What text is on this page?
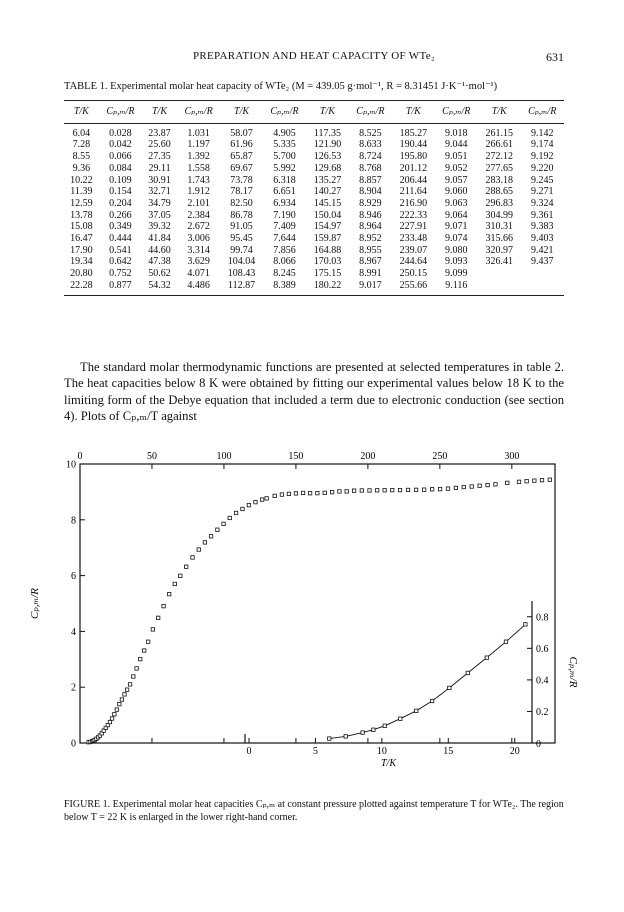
PREPARATION AND HEAT CAPACITY OF WTe₂	631
TABLE 1. Experimental molar heat capacity of WTe₂ (M = 439.05 g·mol⁻¹, R = 8.31451 J·K⁻¹·mol⁻¹)
T/K	Cₚ,ₘ/R	T/K	Cₚ,ₘ/R	T/K	Cₚ,ₘ/R	T/K	Cₚ,ₘ/R	T/K	Cₚ,ₘ/R	T/K	Cₚ,ₘ/R
6.04	0.028	23.87	1.031	58.07	4.905	117.35	8.525	185.27	9.018	261.15	9.142
7.28	0.042	25.60	1.197	61.96	5.335	121.90	8.633	190.44	9.044	266.61	9.174
8.55	0.066	27.35	1.392	65.87	5.700	126.53	8.724	195.80	9.051	272.12	9.192
9.36	0.084	29.11	1.558	69.67	5.992	129.68	8.768	201.12	9.052	277.65	9.220
10.22	0.109	30.91	1.743	73.78	6.318	135.27	8.857	206.44	9.057	283.18	9.245
11.39	0.154	32.71	1.912	78.17	6.651	140.27	8.904	211.64	9.060	288.65	9.271
12.59	0.204	34.79	2.101	82.50	6.934	145.15	8.929	216.90	9.063	296.83	9.324
13.78	0.266	37.05	2.384	86.78	7.190	150.04	8.946	222.33	9.064	304.99	9.361
15.08	0.349	39.32	2.672	91.05	7.409	154.97	8.964	227.91	9.071	310.31	9.383
16.47	0.444	41.84	3.006	95.45	7.644	159.87	8.952	233.48	9.074	315.66	9.403
17.90	0.541	44.60	3.314	99.74	7.856	164.88	8.955	239.07	9.080	320.97	9.421
19.34	0.642	47.38	3.629	104.04	8.066	170.03	8.967	244.64	9.093	326.41	9.437
20.80	0.752	50.62	4.071	108.43	8.245	175.15	8.991	250.15	9.099		
22.28	0.877	54.32	4.486	112.87	8.389	180.22	9.017	255.66	9.116		

The standard molar thermodynamic functions are presented at selected temperatures in table 2. The heat capacities below 8 K were obtained by fitting our experimental values below 18 K to the limiting form of the Debye equation that included a term due to electronic conduction (see section 4). Plots of Cₚ,ₘ/T against

0	50	100	150	200	250	300
0
2
4
6
8
10
Cₚ,ₘ/R
0	5	10	15	20
0
0.2
0.4
0.6
0.8
Cₚ,ₘ/R
T/K
FIGURE 1. Experimental molar heat capacities Cₚ,ₘ at constant pressure plotted against temperature T for WTe₂. The region below T = 22 K is enlarged in the lower right-hand corner.
